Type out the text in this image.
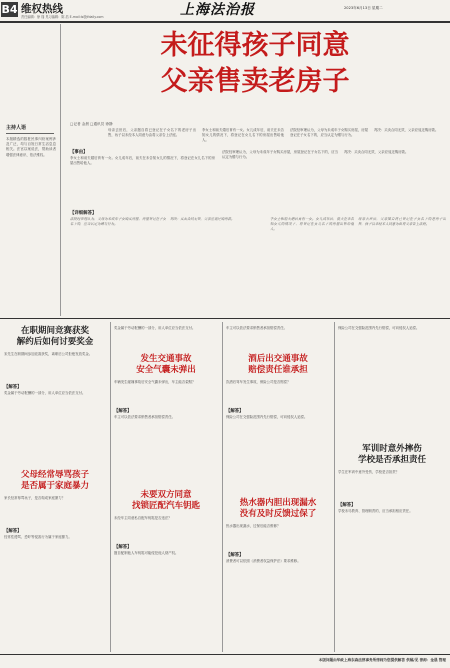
B4 维权热线
责任编辑：徐 翔 见习编辑：陈 浩 E-mail:ls@jfdaily.com	上海法治报	2023年6月13日 星期二
主持人语
本版精选的数桩民事纠纷案例涉及广泛，均与百姓日常生活息息相关。法官以案说法，帮助读者增强法律意识、依法维权。
未征得孩子同意
父亲售卖老房子
□记者 金晨 □通讯员 徐静
母亲去世后，父亲擅自将已登记在子女名下的老房子出售，孩子以未经本人同意为由将父亲告上法庭。
李女士和前夫婚后育有一女。女儿成年后，前夫在未告知女儿的情况下，将登记在女儿名下的房屋出售给他人。
法院经审理认为，父母为未成年子女购买房屋，房屋登记在子女名下的，应当认定为赠与行为。
判决：买卖合同无效，父亲应返还购房款。
【事由】
李女士和前夫婚后育有一女。女儿成年后，前夫在未告知女儿的情况下，将登记在女儿名下的房屋出售给他人。
法院经审理认为，父母为未成年子女购买房屋，房屋登记在子女名下的，应当认定为赠与行为。
判决：买卖合同无效，父亲应返还购房款。
【详细解答】
法院经审理认为，父母为未成年子女购买房屋，房屋登记在子女名下的，应当认定为赠与行为。
判决：买卖合同无效，父亲应返还购房款。	李女士和前夫婚后育有一女。女儿成年后，前夫在未告知女儿的情况下，将登记在女儿名下的房屋出售给他人。
母亲去世后，父亲擅自将已登记在子女名下的老房子出售，孩子以未经本人同意为由将父亲告上法庭。
在职期间竞赛获奖
解约后如何讨要奖金
宋先生在职期间参加竞赛获奖，离职后公司拒绝发放奖金。
【解答】
奖金属于劳动报酬的一部分，用人单位应当依法支付。
父母经常辱骂孩子
是否属于家庭暴力
家长经常辱骂孩子，是否构成家庭暴力？
【解答】
经常性谩骂、恐吓等侵害行为属于家庭暴力。
奖金属于劳动报酬的一部分，用人单位应当依法支付。
发生交通事故
安全气囊未弹出
车辆发生碰撞事故后安全气囊未弹出，车主能否索赔？
【解答】
车主可以依法要求销售者承担赔偿责任。
未要双方同意
找锁匠配汽车钥匙
未经车主同意私自配车钥匙是否违法？
【解答】
擅自配制他人车钥匙可能侵犯他人财产权。
车主可以依法要求销售者承担赔偿责任。
酒后出交通事故
赔偿责任谁承担
饮酒后驾车发生事故，保险公司是否赔偿？
【解答】
保险公司在交强险范围内先行赔偿，可向侵权人追偿。
热水器内胆出现漏水
没有及时反馈过保了
热水器出现漏水，过保后能否维修？
【解答】
消费者可以依照《消费者权益保护法》要求维修。
保险公司在交强险范围内先行赔偿，可向侵权人追偿。
军训时意外摔伤
学校是否承担责任
学生在军训中意外受伤，学校是否担责？
【解答】
学校未尽教育、管理职责的，应当承担相应责任。
本版问题由华政上海东森法律事务所律师为您提供解答 供稿/见 律师：金晨 管理
